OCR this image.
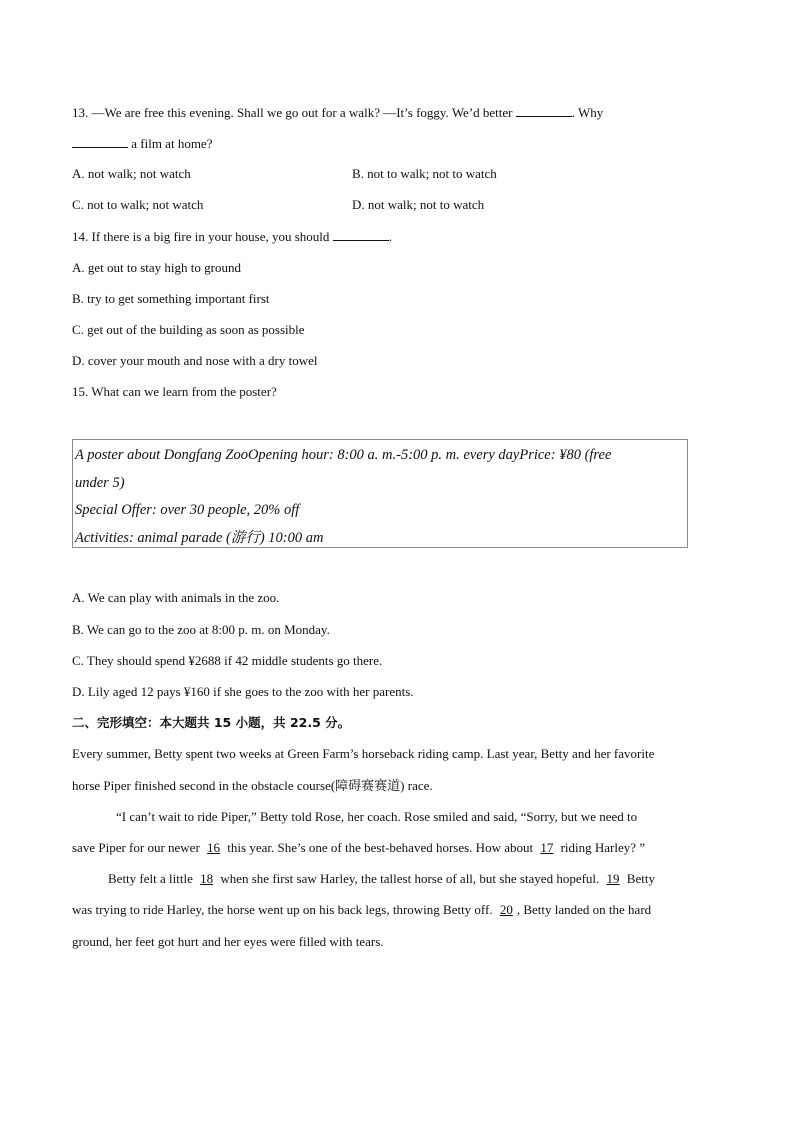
13. —We are free this evening. Shall we go out for a walk? —It’s foggy. We’d better	. Why
a film at home?
A. not walk; not watch	B. not to walk; not to watch
C. not to walk; not watch	D. not walk; not to watch
14. If there is a big fire in your house, you should	.
A. get out to stay high to ground
B. try to get something important first
C. get out of the building as soon as possible
D. cover your mouth and nose with a dry towel
15. What can we learn from the poster?
A poster about Dongfang ZooOpening hour: 8:00 a. m.-5:00 p. m. every dayPrice: ¥80 (free
under 5)
Special Offer: over 30 people, 20% off
Activities: animal parade (游行) 10:00 am
A. We can play with animals in the zoo.
B. We can go to the zoo at 8:00 p. m. on Monday.
C. They should spend ¥2688 if 42 middle students go there.
D. Lily aged 12 pays ¥160 if she goes to the zoo with her parents.
二、完形填空：本大题共 15 小题，共 22.5 分。
Every summer, Betty spent two weeks at Green Farm’s horseback riding camp. Last year, Betty and her favorite
horse Piper finished second in the obstacle course(障碍赛赛道) race.
“I can’t wait to ride Piper,” Betty told Rose, her coach. Rose smiled and said, “Sorry, but we need to
save Piper for our newer 16 this year. She’s one of the best-behaved horses. How about 17 riding Harley? ”
Betty felt a little 18 when she first saw Harley, the tallest horse of all, but she stayed hopeful. 19 Betty
was trying to ride Harley, the horse went up on his back legs, throwing Betty off. 20 , Betty landed on the hard
ground, her feet got hurt and her eyes were filled with tears.
